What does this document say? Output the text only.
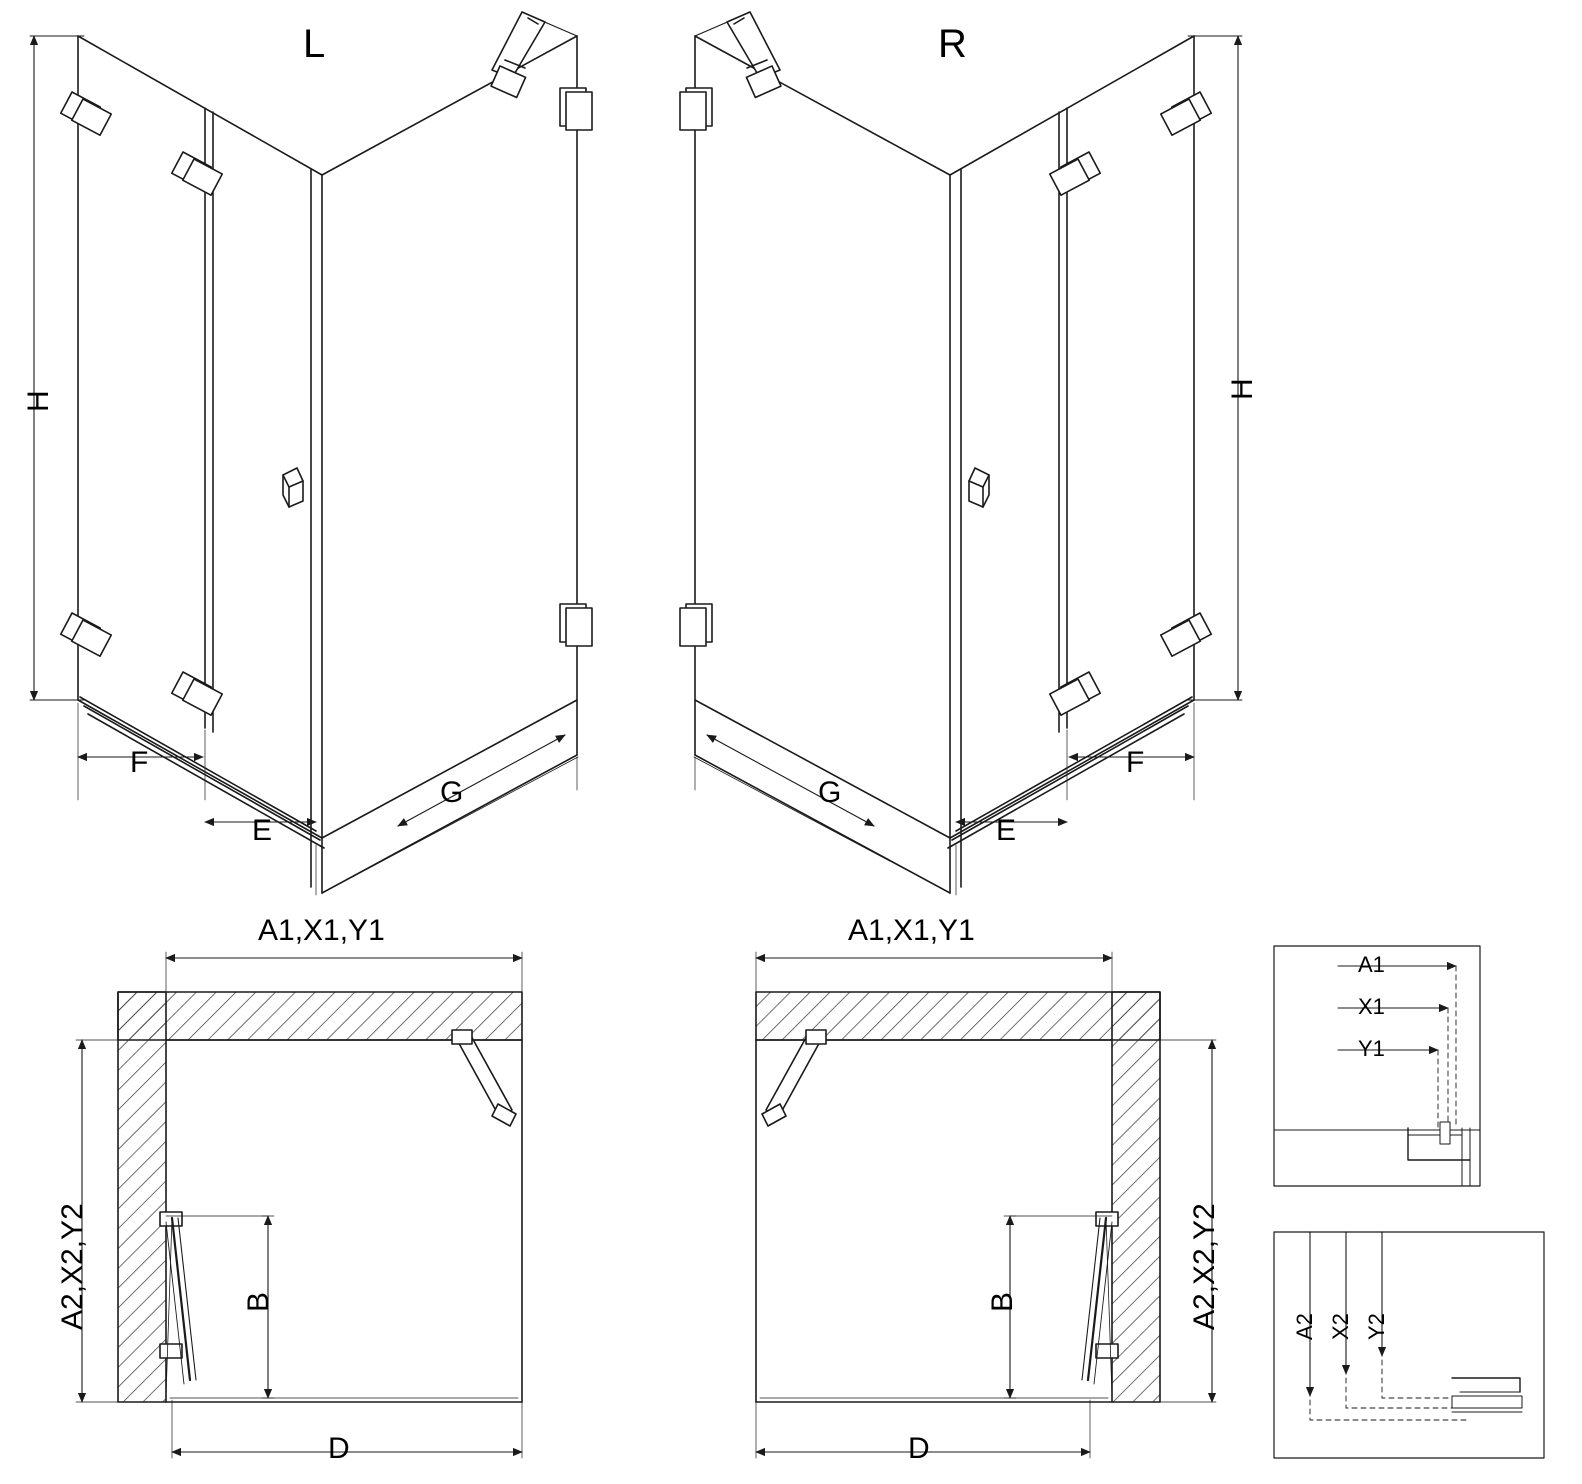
L	R
H
H
F
E
G
F
E
G
A1,X1,Y1	A1,X1,Y1
A2,X2,Y2	A2,X2,Y2
B	B
D	D
A1
X1
Y1
A2 X2 Y2
